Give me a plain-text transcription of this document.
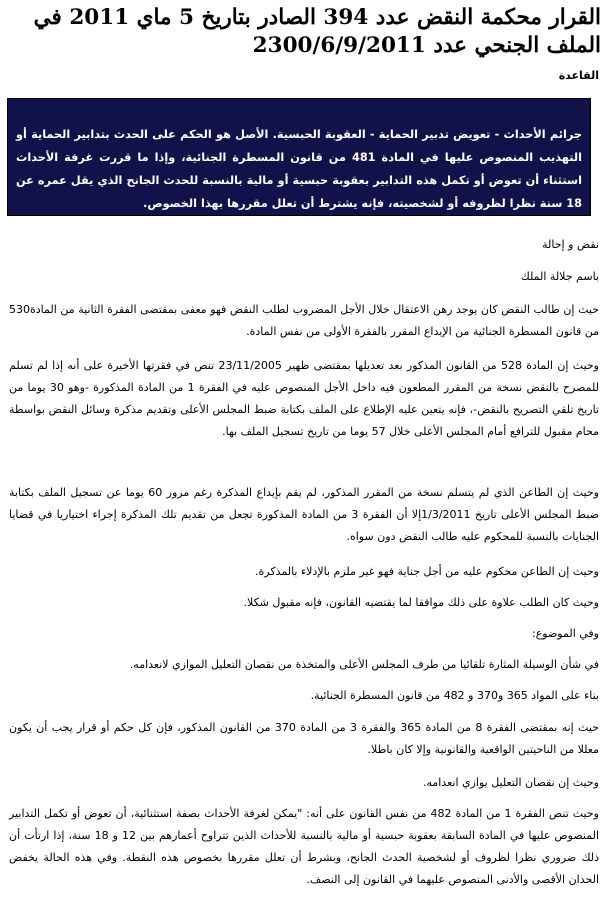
القرار محكمة النقض عدد 394 الصادر بتاريخ 5 ماي 2011 في الملف الجنحي عدد 2300/6/9/2011

القاعدة

جرائم الأحداث - تعويض تدبير الحماية - العقوبة الحبسية. الأصل هو الحكم على الحدث بتدابير الحماية أو التهذيب المنصوص عليها في المادة 481 من قانون المسطرة الجنائية، وإذا ما قررت غرفة الأحداث استثناء أن تعوض أو تكمل هذه التدابير بعقوبة حبسية أو مالية بالنسبة للحدث الجانح الذي يقل عمره عن 18 سنة نظرا لظروفه أو لشخصيته، فإنه يشترط أن تعلل مقررها بهذا الخصوص.

نقض و إحالة

باسم جلالة الملك

حيث إن طالب النقض كان يوجد رهن الاعتقال خلال الأجل المضروب لطلب النقض فهو معفى بمقتضى الفقرة الثانية من المادة530 من قانون المسطرة الجنائية من الإيداع المقرر بالفقرة الأولى من نفس المادة.

وحيث إن المادة 528 من القانون المذكور بعد تعديلها بمقتضى ظهير 23/11/2005 تنص في فقرتها الأخيرة على أنه إذا لم تسلم للمصرح بالنقض نسخة من المقرر المطعون فيه داخل الأجل المنصوص عليه في الفقرة 1 من المادة المذكورة -وهو 30 يوما من تاريخ تلقي التصريح بالنقض-، فإنه يتعين عليه الإطلاع على الملف بكتابة ضبط المجلس الأعلى وتقديم مذكرة وسائل النقض بواسطة محام مقبول للترافع أمام المجلس الأعلى خلال 57 يوما من تاريخ تسجيل الملف بها.

وحيث إن الطاعن الذي لم يتسلم نسخة من المقرر المذكور، لم يقم بإيداع المذكرة رغم مرور 60 يوما عن تسجيل الملف بكتابة ضبط المجلس الأعلى تاريخ 1/3/2011إلا أن الفقرة 3 من المادة المذكورة تجعل من تقديم تلك المذكرة إجراء اختياريا في قضايا الجنايات بالنسبة للمحكوم عليه طالب النقض دون سواه.

وحيث إن الطاعن محكوم عليه من أجل جناية فهو غير ملزم بالإدلاء بالمذكرة.

وحيث كان الطلب علاوة على ذلك موافقا لما يقتضيه القانون، فإنه مقبول شكلا.

وفي الموضوع:

في شأن الوسيلة المثارة تلقائيا من طرف المجلس الأعلى والمتخذة من نقصان التعليل الموازي لانعدامه.

بناء على المواد 365 و370 و 482 من قانون المسطرة الجنائية.

حيث إنه بمقتضى الفقرة 8 من المادة 365 والفقرة 3 من المادة 370 من القانون المذكور، فإن كل حكم أو قرار يجب أن يكون معللا من الناحيتين الواقعية والقانونية وإلا كان باطلا.

وحيث إن نقصان التعليل يوازي انعدامه.

وحيث تنص الفقرة 1 من المادة 482 من نفس القانون على أنه: "يمكن لغرفة الأحداث بصفة استثنائية، أن تعوض أو تكمل التدابير المنصوص عليها في المادة السابقة بعقوبة حبسية أو مالية بالنسبة للأحداث الذين تتراوح أعمارهم بين 12 و 18 سنة، إذا ارتأت أن ذلك ضروري نظرا لظروف أو لشخصية الحدث الجانح، وبشرط أن تعلل مقررها بخصوص هذه النقطة. وفي هذه الحالة يخفض الحدان الأقصى والأدنى المنصوص عليهما في القانون إلى النصف.
